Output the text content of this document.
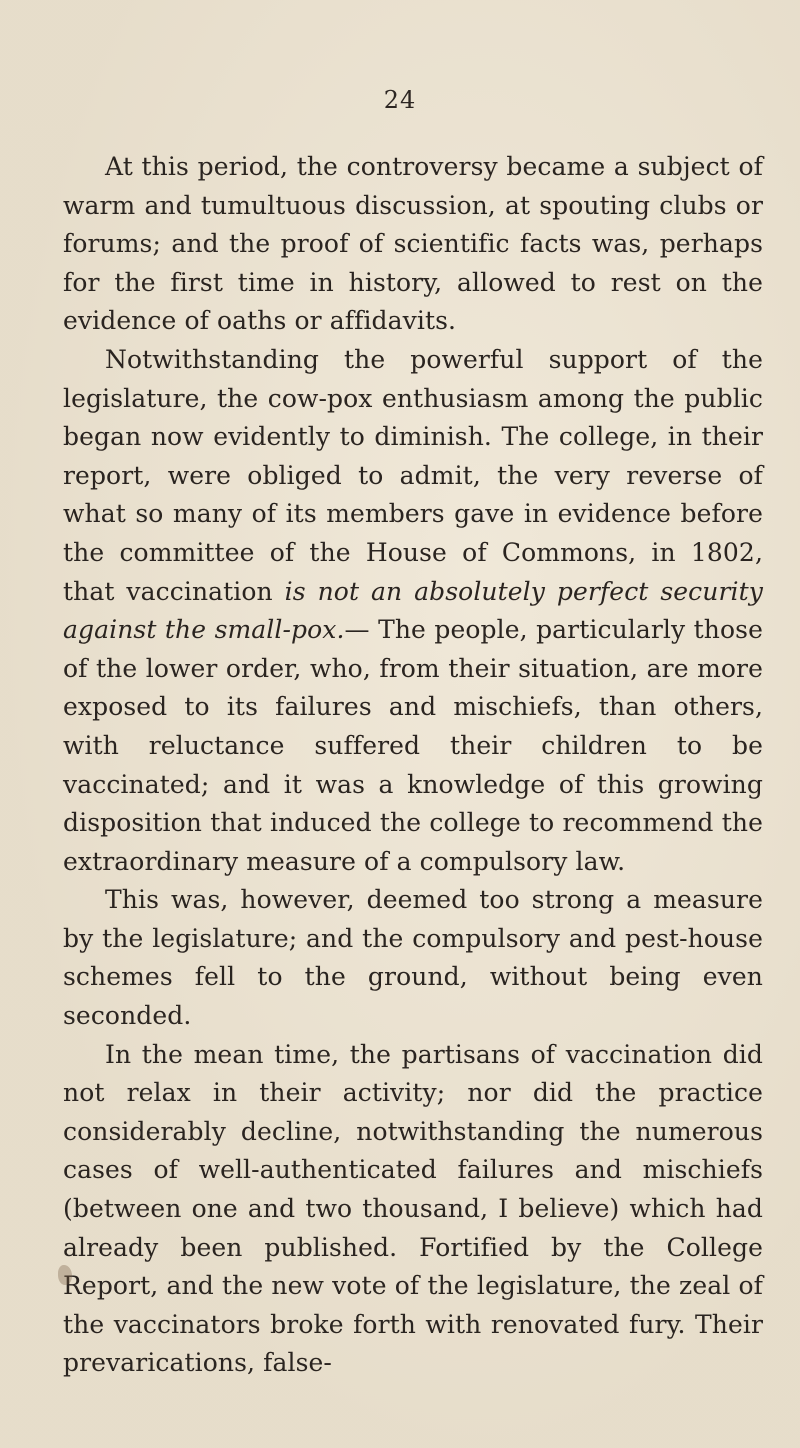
24

At this period, the controversy became a subject of warm and tumultuous discussion, at spouting clubs or forums; and the proof of scientific facts was, perhaps for the first time in history, allowed to rest on the evidence of oaths or affidavits.

Notwithstanding the powerful support of the legislature, the cow-pox enthusiasm among the public began now evidently to diminish. The college, in their report, were obliged to admit, the very reverse of what so many of its members gave in evidence before the committee of the House of Commons, in 1802, that vaccination is not an absolutely perfect security against the small-pox.— The people, particularly those of the lower order, who, from their situation, are more exposed to its failures and mischiefs, than others, with reluctance suffered their children to be vaccinated; and it was a knowledge of this growing disposition that induced the college to recommend the extraordinary measure of a compulsory law.

This was, however, deemed too strong a measure by the legislature; and the compulsory and pest-house schemes fell to the ground, without being even seconded.

In the mean time, the partisans of vaccination did not relax in their activity; nor did the practice considerably decline, notwithstanding the numerous cases of well-authenticated failures and mischiefs (between one and two thousand, I believe) which had already been published. Fortified by the College Report, and the new vote of the legislature, the zeal of the vaccinators broke forth with renovated fury. Their prevarications, false-
